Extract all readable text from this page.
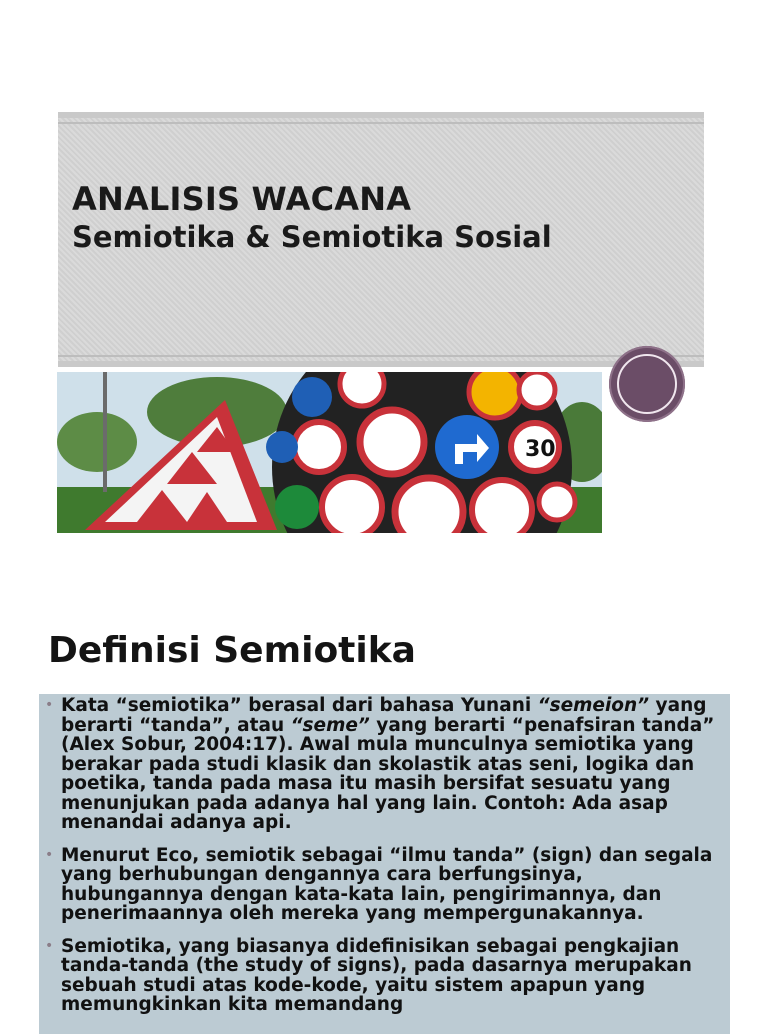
ANALISIS WACANA
Semiotika & Semiotika Sosial
30
Definisi Semiotika
• Kata “semiotika” berasal dari bahasa Yunani “semeion” yang berarti “tanda”, atau “seme” yang berarti “penafsiran tanda” (Alex Sobur, 2004:17). Awal mula munculnya semiotika yang berakar pada studi klasik dan skolastik atas seni, logika dan poetika, tanda pada masa itu masih bersifat sesuatu yang menunjukan pada adanya hal yang lain. Contoh: Ada asap menandai adanya api.
• Menurut Eco, semiotik sebagai “ilmu tanda” (sign) dan segala yang berhubungan dengannya cara berfungsinya, hubungannya dengan kata-kata lain, pengirimannya, dan penerimaannya oleh mereka yang mempergunakannya.
• Semiotika, yang biasanya didefinisikan sebagai pengkajian tanda-tanda (the study of signs), pada dasarnya merupakan sebuah studi atas kode-kode, yaitu sistem apapun yang memungkinkan kita memandang
